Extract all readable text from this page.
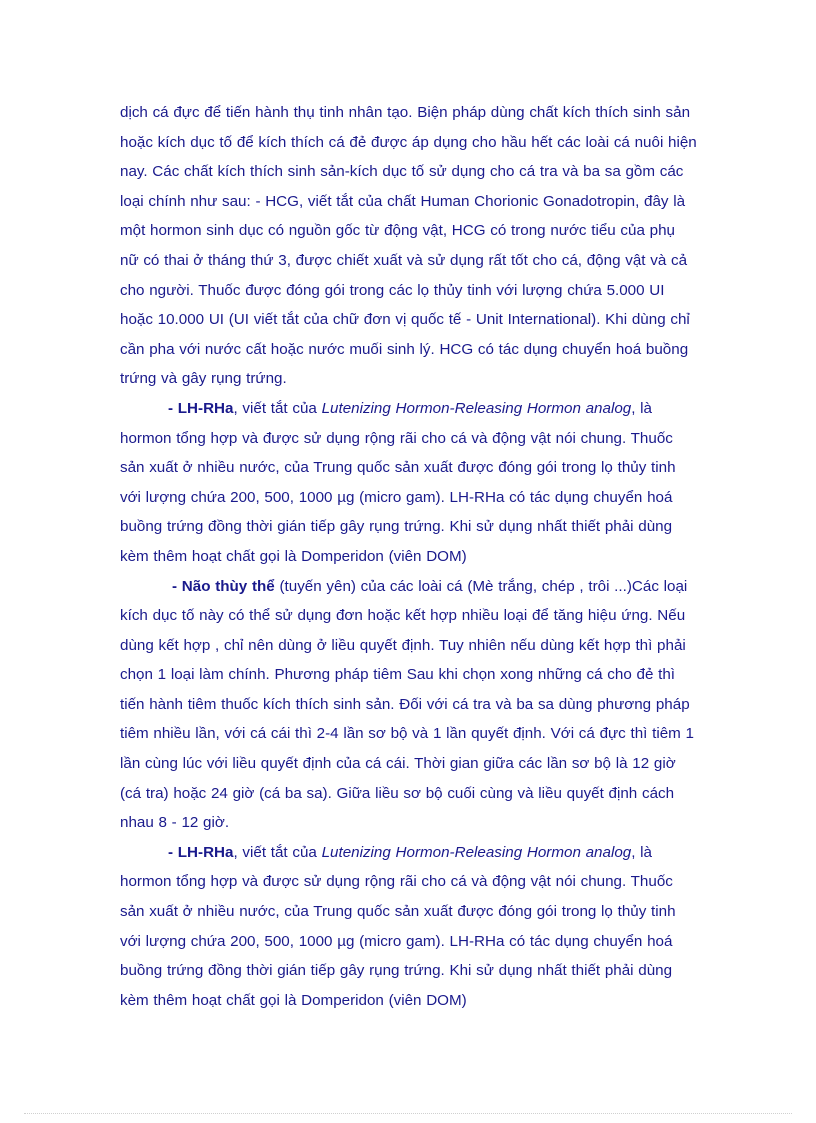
dịch cá đực để tiến hành thụ tinh nhân tạo. Biện pháp dùng chất kích thích sinh sản hoặc kích dục tố để kích thích cá đẻ được áp dụng cho hầu hết các loài cá nuôi hiện nay. Các chất kích thích sinh sản-kích dục tố sử dụng cho cá tra và ba sa gồm các loại chính như sau: - HCG, viết tắt của chất Human Chorionic Gonadotropin, đây là một hormon sinh dục có nguồn gốc từ động vật, HCG có trong nước tiểu của phụ nữ có thai ở tháng thứ 3, được chiết xuất và sử dụng rất tốt cho cá, động vật và cả cho người. Thuốc được đóng gói trong các lọ thủy tinh với lượng chứa 5.000 UI hoặc 10.000 UI (UI viết tắt của chữ đơn vị quốc tế - Unit International). Khi dùng chỉ cần pha với nước cất hoặc nước muối sinh lý. HCG có tác dụng chuyển hoá buồng trứng và gây rụng trứng.

- LH-RHa, viết tắt của Lutenizing Hormon-Releasing Hormon analog, là hormon tổng hợp và được sử dụng rộng rãi cho cá và động vật nói chung. Thuốc sản xuất ở nhiều nước, của Trung quốc sản xuất được đóng gói trong lọ thủy tinh với lượng chứa 200, 500, 1000 µg (micro gam). LH-RHa có tác dụng chuyển hoá buồng trứng đồng thời gián tiếp gây rụng trứng. Khi sử dụng nhất thiết phải dùng kèm thêm hoạt chất gọi là Domperidon (viên DOM)

- Não thùy thể (tuyến yên) của các loài cá (Mè trắng, chép , trôi ...)Các loại kích dục tố này có thể sử dụng đơn hoặc kết hợp nhiều loại để tăng hiệu ứng. Nếu dùng kết hợp , chỉ nên dùng ở liều quyết định. Tuy nhiên nếu dùng kết hợp thì phải chọn 1 loại làm chính. Phương pháp tiêm Sau khi chọn xong những cá cho đẻ thì tiến hành tiêm thuốc kích thích sinh sản. Đối với cá tra và ba sa dùng phương pháp tiêm nhiều lần, với cá cái thì 2-4 lần sơ bộ và 1 lần quyết định. Với cá đực thì tiêm 1 lần cùng lúc với liều quyết định của cá cái. Thời gian giữa các lần sơ bộ là 12 giờ (cá tra) hoặc 24 giờ (cá ba sa). Giữa liều sơ bộ cuối cùng và liều quyết định cách nhau 8 - 12 giờ.

- LH-RHa, viết tắt của Lutenizing Hormon-Releasing Hormon analog, là hormon tổng hợp và được sử dụng rộng rãi cho cá và động vật nói chung. Thuốc sản xuất ở nhiều nước, của Trung quốc sản xuất được đóng gói trong lọ thủy tinh với lượng chứa 200, 500, 1000 µg (micro gam). LH-RHa có tác dụng chuyển hoá buồng trứng đồng thời gián tiếp gây rụng trứng. Khi sử dụng nhất thiết phải dùng kèm thêm hoạt chất gọi là Domperidon (viên DOM)
